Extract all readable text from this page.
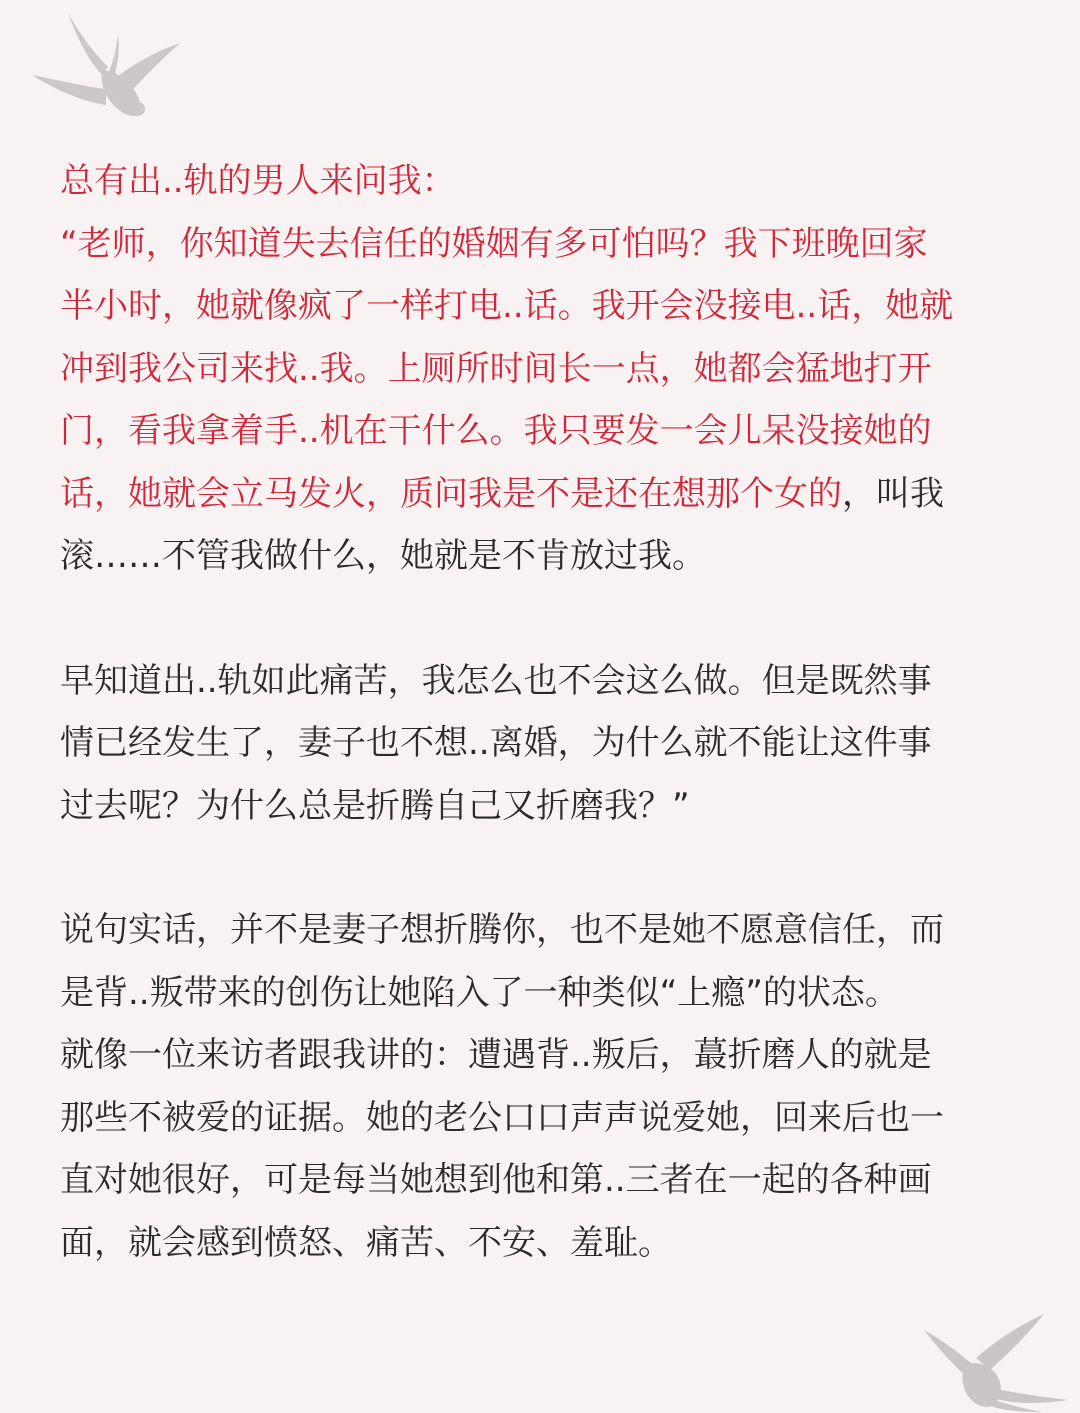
总有出..轨的男人来问我：
“老师，你知道失去信任的婚姻有多可怕吗？我下班晚回家
半小时，她就像疯了一样打电..话。我开会没接电..话，她就
冲到我公司来找..我。上厕所时间长一点，她都会猛地打开
门，看我拿着手..机在干什么。我只要发一会儿呆没接她的
话，她就会立马发火，质问我是不是还在想那个女的，叫我
滚……不管我做什么，她就是不肯放过我。

早知道出..轨如此痛苦，我怎么也不会这么做。但是既然事
情已经发生了，妻子也不想..离婚，为什么就不能让这件事
过去呢？为什么总是折腾自己又折磨我？”

说句实话，并不是妻子想折腾你，也不是她不愿意信任，而
是背..叛带来的创伤让她陷入了一种类似“上瘾”的状态。
就像一位来访者跟我讲的：遭遇背..叛后，蕞折磨人的就是
那些不被爱的证据。她的老公口口声声说爱她，回来后也一
直对她很好，可是每当她想到他和第..三者在一起的各种画
面，就会感到愤怒、痛苦、不安、羞耻。
